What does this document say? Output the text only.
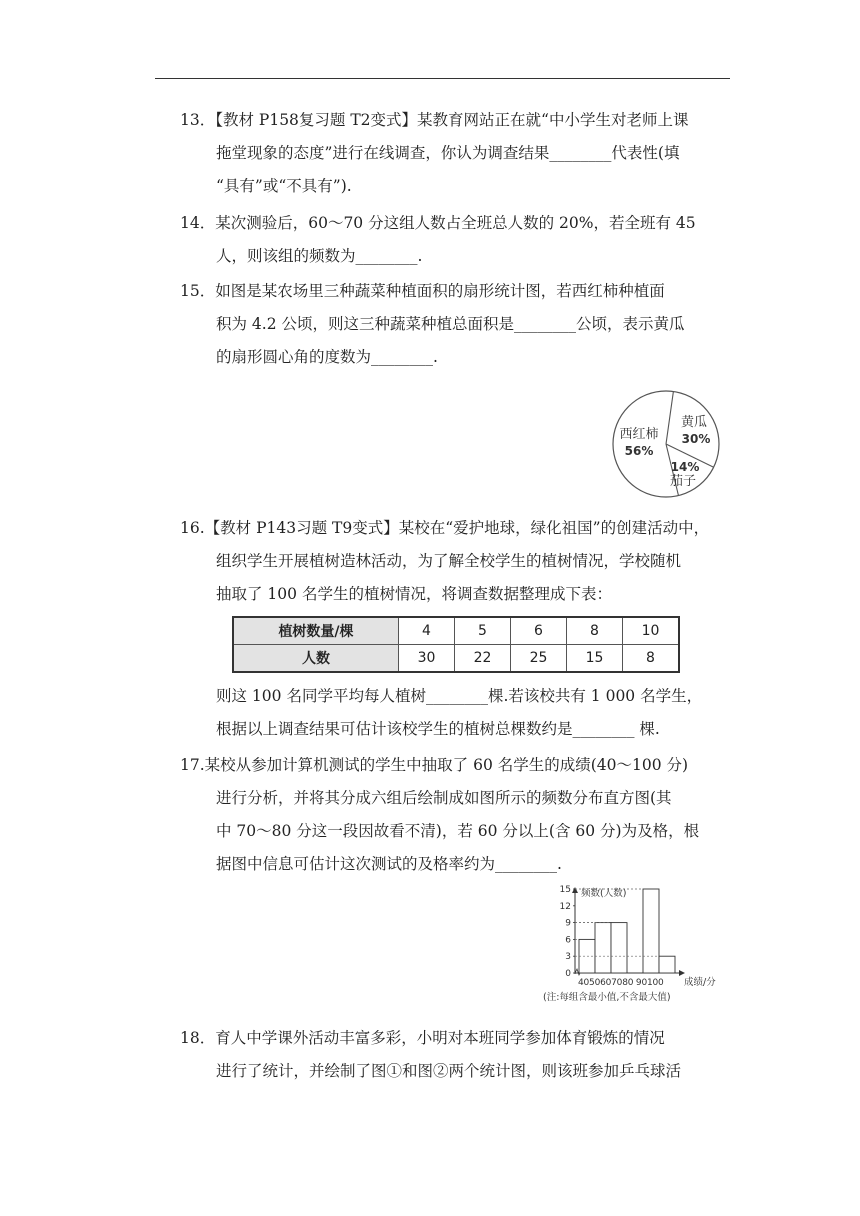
13．【教材 P158复习题 T2变式】某教育网站正在就“中小学生对老师上课
拖堂现象的态度”进行在线调查，你认为调查结果________代表性(填
“具有”或“不具有”).
14．某次测验后，60～70 分这组人数占全班总人数的 20%，若全班有 45
人，则该组的频数为________.
15．如图是某农场里三种蔬菜种植面积的扇形统计图，若西红柿种植面
积为 4.2 公顷，则这三种蔬菜种植总面积是________公顷，表示黄瓜
的扇形圆心角的度数为________.
西红柿
56%
黄瓜
30%
茄子
14%
16.【教材 P143习题 T9变式】某校在“爱护地球，绿化祖国”的创建活动中，
组织学生开展植树造林活动，为了解全校学生的植树情况，学校随机
抽取了 100 名学生的植树情况，将调查数据整理成下表：
植树数量/棵	4	5	6	8	10
人数	30	22	25	15	8
则这 100 名同学平均每人植树________棵.若该校共有 1 000 名学生，
根据以上调查结果可估计该校学生的植树总棵数约是________ 棵.
17.某校从参加计算机测试的学生中抽取了 60 名学生的成绩(40～100 分)
进行分析，并将其分成六组后绘制成如图所示的频数分布直方图(其
中 70～80 分这一段因故看不清)，若 60 分以上(含 60 分)为及格，根
据图中信息可估计这次测试的及格率约为________.
频数(人数)
0
3
6
9
12
15
4050607080 90100 成绩/分
(注:每组含最小值,不含最大值)
18．育人中学课外活动丰富多彩，小明对本班同学参加体育锻炼的情况
进行了统计，并绘制了图①和图②两个统计图，则该班参加乒乓球活
